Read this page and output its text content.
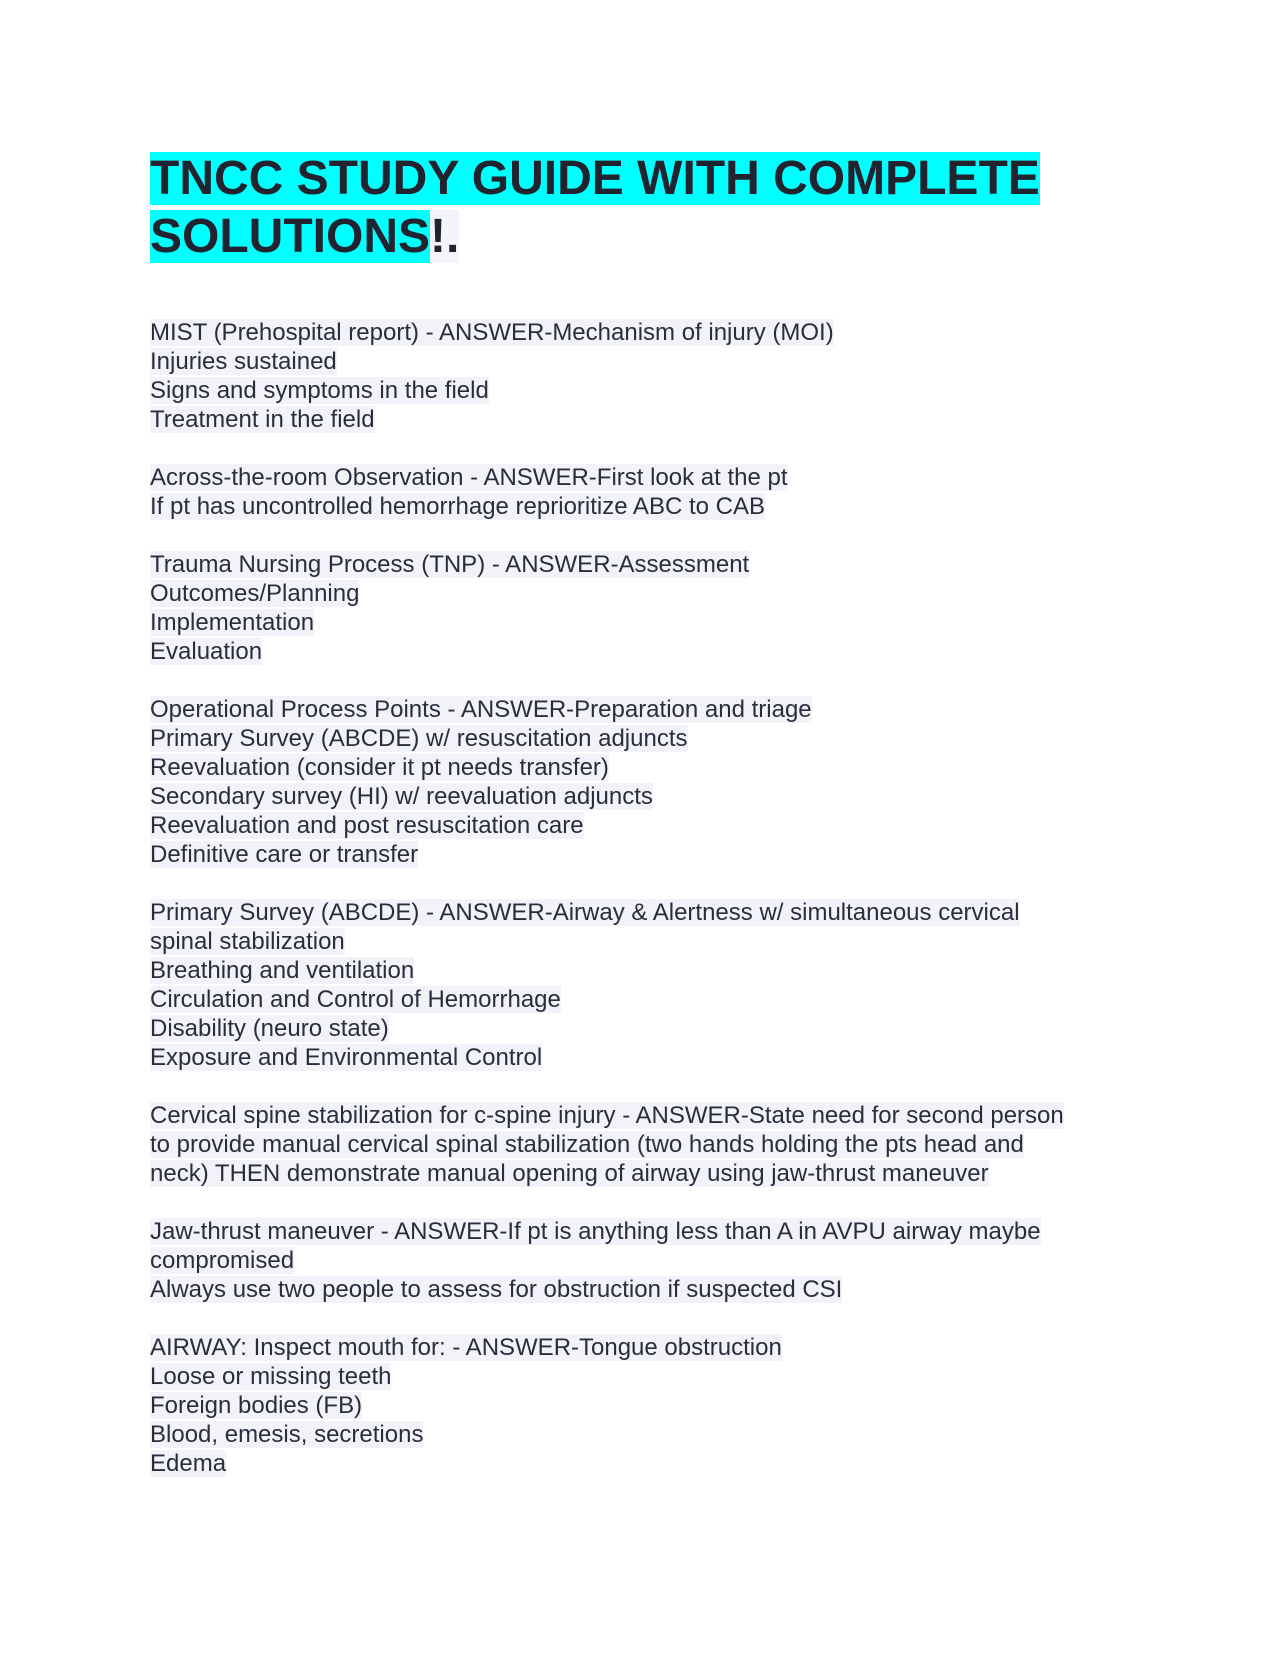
TNCC STUDY GUIDE WITH COMPLETE
SOLUTIONS!.
MIST (Prehospital report) - ANSWER-Mechanism of injury (MOI)
Injuries sustained
Signs and symptoms in the field
Treatment in the field
Across-the-room Observation - ANSWER-First look at the pt
If pt has uncontrolled hemorrhage reprioritize ABC to CAB
Trauma Nursing Process (TNP) - ANSWER-Assessment
Outcomes/Planning
Implementation
Evaluation
Operational Process Points - ANSWER-Preparation and triage
Primary Survey (ABCDE) w/ resuscitation adjuncts
Reevaluation (consider it pt needs transfer)
Secondary survey (HI) w/ reevaluation adjuncts
Reevaluation and post resuscitation care
Definitive care or transfer
Primary Survey (ABCDE) - ANSWER-Airway & Alertness w/ simultaneous cervical
spinal stabilization
Breathing and ventilation
Circulation and Control of Hemorrhage
Disability (neuro state)
Exposure and Environmental Control
Cervical spine stabilization for c-spine injury - ANSWER-State need for second person
to provide manual cervical spinal stabilization (two hands holding the pts head and
neck) THEN demonstrate manual opening of airway using jaw-thrust maneuver
Jaw-thrust maneuver - ANSWER-If pt is anything less than A in AVPU airway maybe
compromised
Always use two people to assess for obstruction if suspected CSI
AIRWAY: Inspect mouth for: - ANSWER-Tongue obstruction
Loose or missing teeth
Foreign bodies (FB)
Blood, emesis, secretions
Edema
